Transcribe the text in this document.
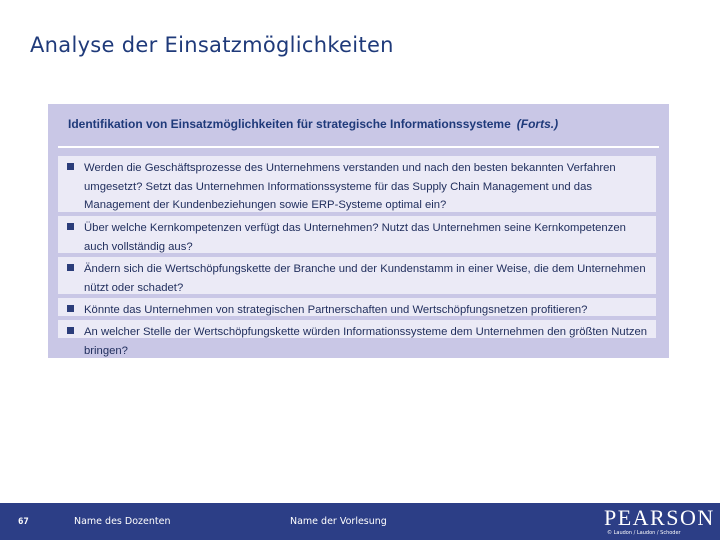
Analyse der Einsatzmöglichkeiten
Identifikation von Einsatzmöglichkeiten für strategische Informationssysteme (Forts.)
Werden die Geschäftsprozesse des Unternehmens verstanden und nach den besten bekannten Verfahren umgesetzt? Setzt das Unternehmen Informationssysteme für das Supply Chain Management und das Management der Kundenbeziehungen sowie ERP-Systeme optimal ein?
Über welche Kernkompetenzen verfügt das Unternehmen? Nutzt das Unternehmen seine Kernkompetenzen auch vollständig aus?
Ändern sich die Wertschöpfungskette der Branche und der Kundenstamm in einer Weise, die dem Unternehmen nützt oder schadet?
Könnte das Unternehmen von strategischen Partnerschaften und Wertschöpfungsnetzen profitieren?
An welcher Stelle der Wertschöpfungskette würden Informationssysteme dem Unternehmen den größten Nutzen bringen?
67	Name des Dozenten	Name der Vorlesung	PEARSON
© Laudon / Laudon / Schoder
